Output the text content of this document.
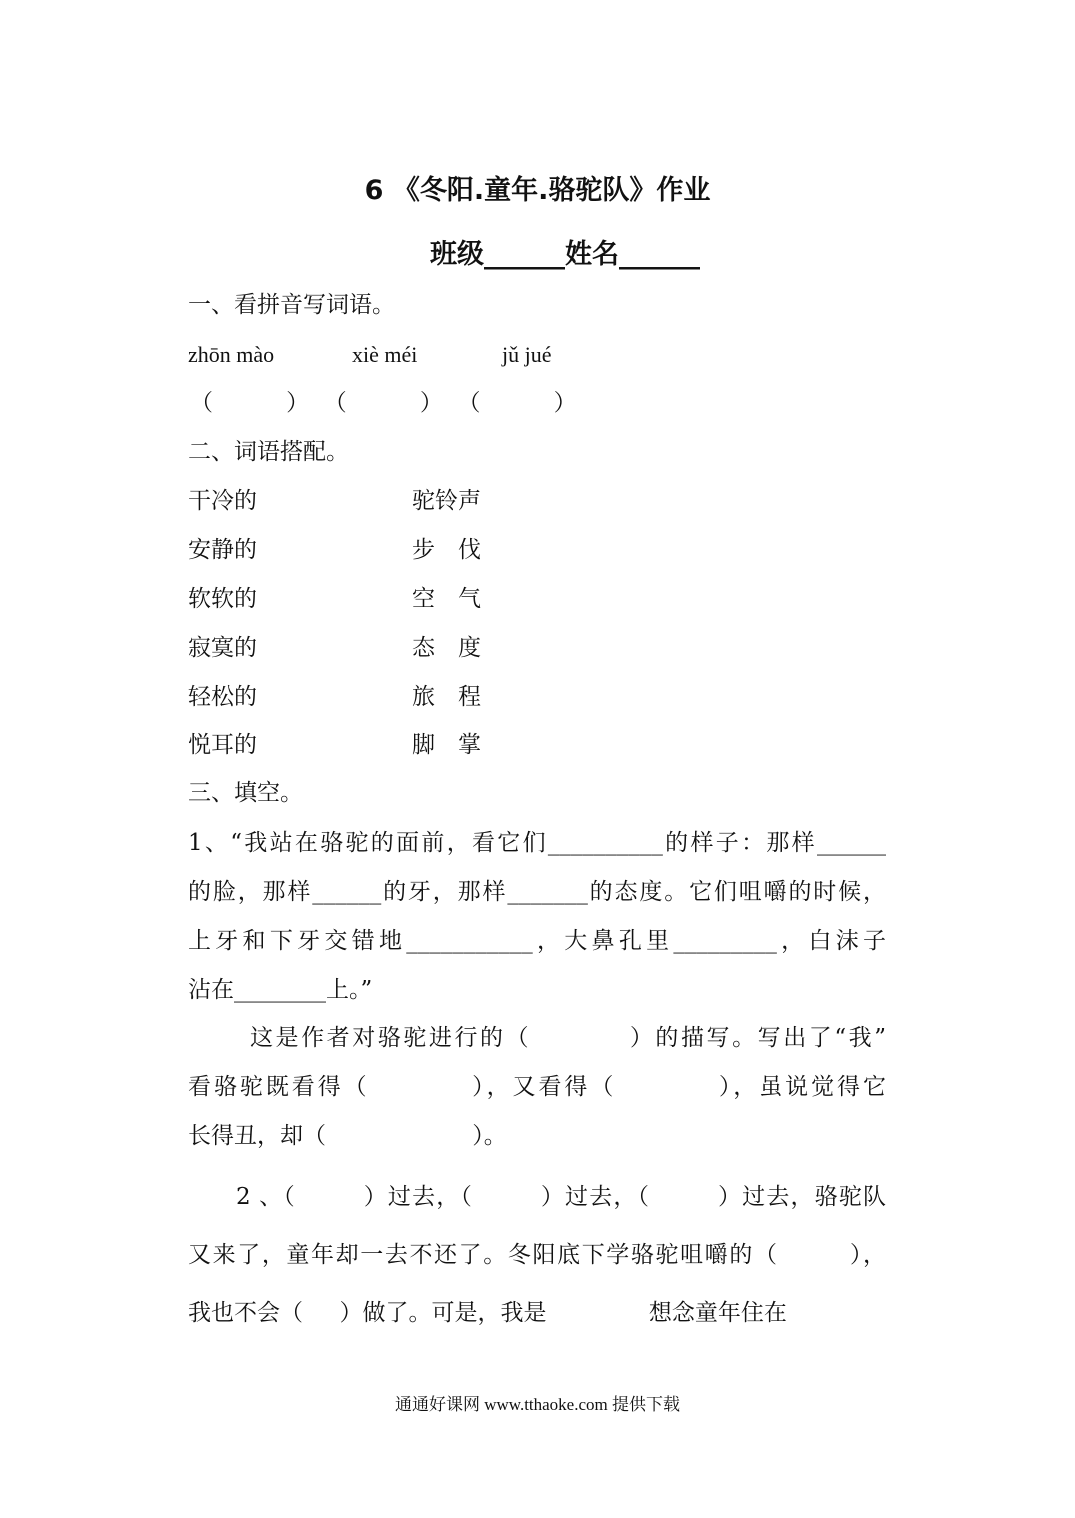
6 《冬阳.童年.骆驼队》作业
班级______姓名______
一、看拼音写词语。
zhōn mào	xiè méi	jǔ jué
（          ）  （          ）  （          ）
二、词语搭配。
干冷的	驼铃声
安静的	步　伐
软软的	空　气
寂寞的	态　度
轻松的	旅　程
悦耳的	脚　掌
三、填空。
1、“我站在骆驼的面前，看它们__________的样子：那样______
的脸，那样______的牙，那样_______的态度。它们咀嚼的时候，
上牙和下牙交错地___________，大鼻孔里_________，白沫子
沾在________上。”
这是作者对骆驼进行的（          ）的描写。写出了“我”
看骆驼既看得（          ），又看得（          ），虽说觉得它
长得丑，却（                    ）。
2 、（        ）过去，（        ）过去，（        ）过去，骆驼队
又来了，童年却一去不还了。冬阳底下学骆驼咀嚼的（        ），
我也不会（     ）做了。可是，我是              想念童年住在
通通好课网 www.tthaoke.com 提供下载
